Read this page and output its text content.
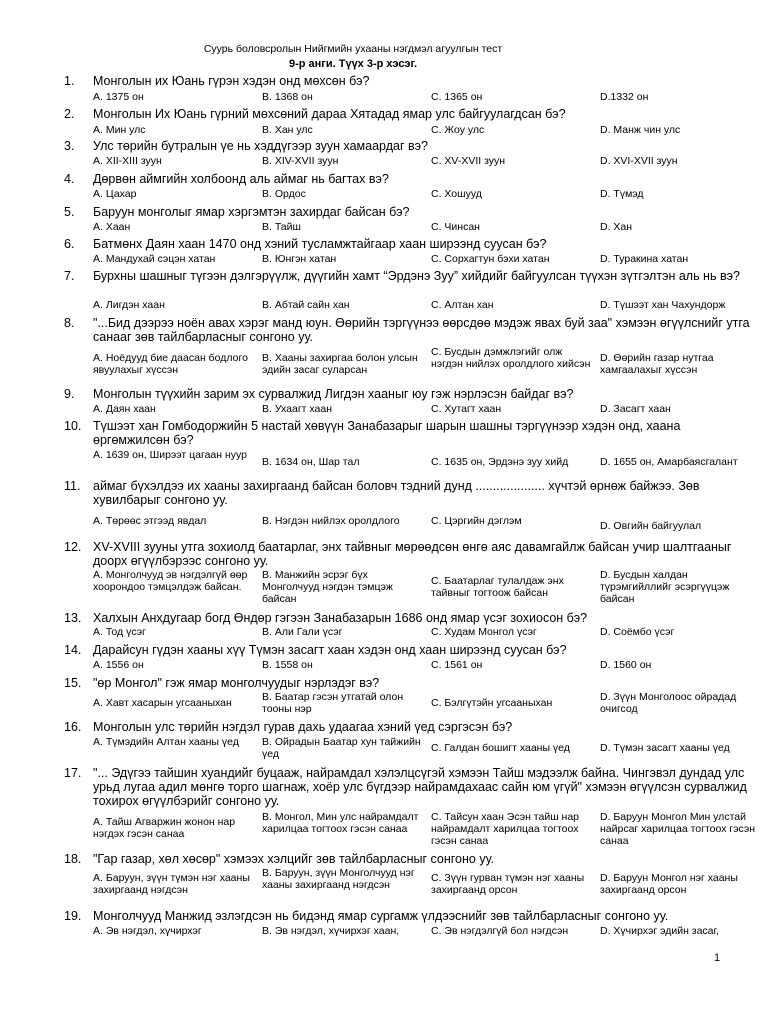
Суурь боловсролын Нийгмийн ухааны нэгдмэл агуулгын тест
9-р анги. Түүх 3-р хэсэг.
1.	Монголын их Юань гүрэн хэдэн онд мөхсөн бэ?
А. 1375 он	В. 1368 он	С. 1365 он	D.1332 он
2.	Монголын Их Юань гүрний мөхсөний дараа Хятадад ямар улс байгуулагдсан бэ?
А. Мин улс	В. Хан улс	С. Жоу улс	D. Манж чин улс
3.	Улс төрийн бутралын үе нь хэддүгээр зуун хамаардаг вэ?
А. XII-XIII зуун	В. XIV-XVII зуун	С. XV-XVII зуун	D. XVI-XVII зуун
4.	Дөрвөн аймгийн холбоонд аль аймаг нь багтах вэ?
А. Цахар	В. Ордос	С. Хошууд	D. Түмэд
5.	Баруун монголыг ямар хэргэмтэн захирдаг байсан бэ?
А. Хаан	В. Тайш	С. Чинсан	D. Хан
6.	Батмөнх Даян хаан 1470 онд хэний тусламжтайгаар хаан ширээнд суусан бэ?
А. Мандухай сэцэн хатан	В. Юнгэн хатан	С. Сорхагтун бэхи хатан	D. Туракина хатан
7.	Бурхны шашныг түгээн дэлгэрүүлж, дүүгийн хамт “Эрдэнэ Зуу” хийдийг байгуулсан түүхэн зүтгэлтэн аль нь вэ?
А. Лигдэн хаан	В. Абтай сайн хан	С. Алтан хан	D. Түшээт хан Чахундорж
8.	"...Бид дээрээ ноён авах хэрэг манд юун. Өөрийн тэргүүнээ өөрсдөө мэдэж явах буй заа" хэмээн өгүүлснийг утга санааг зөв тайлбарласныг сонгоно уу.
А. Ноёдууд бие даасан бодлого явуулахыг хүссэн
В. Хааны захиргаа болон улсын эдийн засаг суларсан
С. Бусдын дэмжлэгийг олж нэгдэн нийлэх оролдлого хийсэн D. Өөрийн газар нутгаа хамгаалахыг хүссэн
9.	Монголын түүхийн зарим эх сурвалжид Лигдэн хааныг юу гэж нэрлэсэн байдаг вэ?
А. Даян хаан	В. Ухаагт хаан	С. Хутагт хаан	D. Засагт хаан
10. Түшээт хан Гомбодоржийн 5 настай хөвүүн Занабазарыг шарын шашны тэргүүнээр хэдэн онд, хаана өргөмжилсөн бэ?
А. 1639 он, Ширээт цагаан нуур
В. 1634 он, Шар тал	С. 1635 он, Эрдэнэ зуу хийд	D. 1655 он, Амарбаясгалант
11.	аймаг бүхэлдээ их хааны захиргаанд байсан боловч тэдний дунд .................... хүчтэй өрнөж байжээ. Зөв хувилбарыг сонгоно уу.
А. Төрөөс этгээд явдал	В. Нэгдэн нийлэх оролдлого	С. Цэргийн дэглэм	D. Овгийн байгуулал
12. XV-XVIII зууны утга зохиолд баатарлаг, энх тайвныг мөрөөдсөн өнгө аяс давамгайлж байсан учир шалтгааныг доорх өгүүлбэрээс сонгоно уу.
А. Монголчууд эв нэгдэлгүй өөр хоорондоо тэмцэлдэж байсан.
В. Манжийн эсрэг бүх Монголчууд нэгдэн тэмцэж байсан
С. Баатарлаг тулалдаж энх тайвныг тогтоож байсан
D. Бусдын халдан түрэмгийллийг эсэргүүцэж байсан
13. Халхын Анхдугаар богд Өндөр гэгээн Занабазарын 1686 онд ямар үсэг зохиосон бэ?
А. Тод үсэг	В. Али Гали үсэг	С. Худам Монгол үсэг	D. Соёмбо үсэг
14. Дарайсун гүдэн хааны хүү Түмэн засагт хаан хэдэн онд хаан ширээнд суусан бэ?
А. 1556 он	В. 1558 он	С. 1561 он	D. 1560 он
15. "өр Монгол" гэж ямар монголчуудыг нэрлэдэг вэ?
А. Хавт хасарын угсааныхан	В. Баатар гэсэн утгатай олон тооны нэр	С. Бэлгүтэйн угсааныхан	D. Зүүн Монголоос ойрадад очигсод
16. Монголын улс төрийн нэгдэл гурав дахь удаагаа хэний үед сэргэсэн бэ?
А. Түмэдийн Алтан хааны үед	В. Ойрадын Баатар хун тайжийн үед	С. Галдан бошигт хааны үед	D. Түмэн засагт хааны үед
17. "... Эдүгээ тайшин хуандийг буцааж, найрамдал хэлэлцсүгэй хэмээн Тайш мэдээлж байна. Чингэвэл дундад улс урьд лугаа адил мөнгө торго шагнаж, хоёр улс бүгдээр найрамдахаас сайн юм үгүй" хэмээн өгүүлсэн сурвалжид тохирох өгүүлбэрийг сонгоно уу.
А. Тайш Агваржин жонон нар нэгдэх гэсэн санаа
В. Монгол, Мин улс найрамдалт харилцаа тогтоох гэсэн санаа
С. Тайсун хаан Эсэн тайш нар найрамдалт харилцаа тогтоох гэсэн санаа
D. Баруун Монгол Мин улстай найрсаг харилцаа тогтоох гэсэн санаа
18. "Гар газар, хөл хөсөр" хэмээх хэлцийг зөв тайлбарласныг сонгоно уу.
А. Баруун, зүүн түмэн нэг хааны захиргаанд нэгдсэн
В. Баруун, зүүн Монголчууд нэг хааны захиргаанд нэгдсэн
С. Зүүн гурван түмэн нэг хааны захиргаанд орсон
D. Баруун Монгол нэг хааны захиргаанд орсон
19. Монголчууд Манжид эзлэгдсэн нь бидэнд ямар сургамж үлдээснийг зөв тайлбарласныг сонгоно уу.
А. Эв нэгдэл, хүчирхэг	В. Эв нэгдэл, хүчирхэг хаан,	С. Эв нэгдэлгүй бол нэгдсэн	D. Хүчирхэг эдийн засаг,
1
